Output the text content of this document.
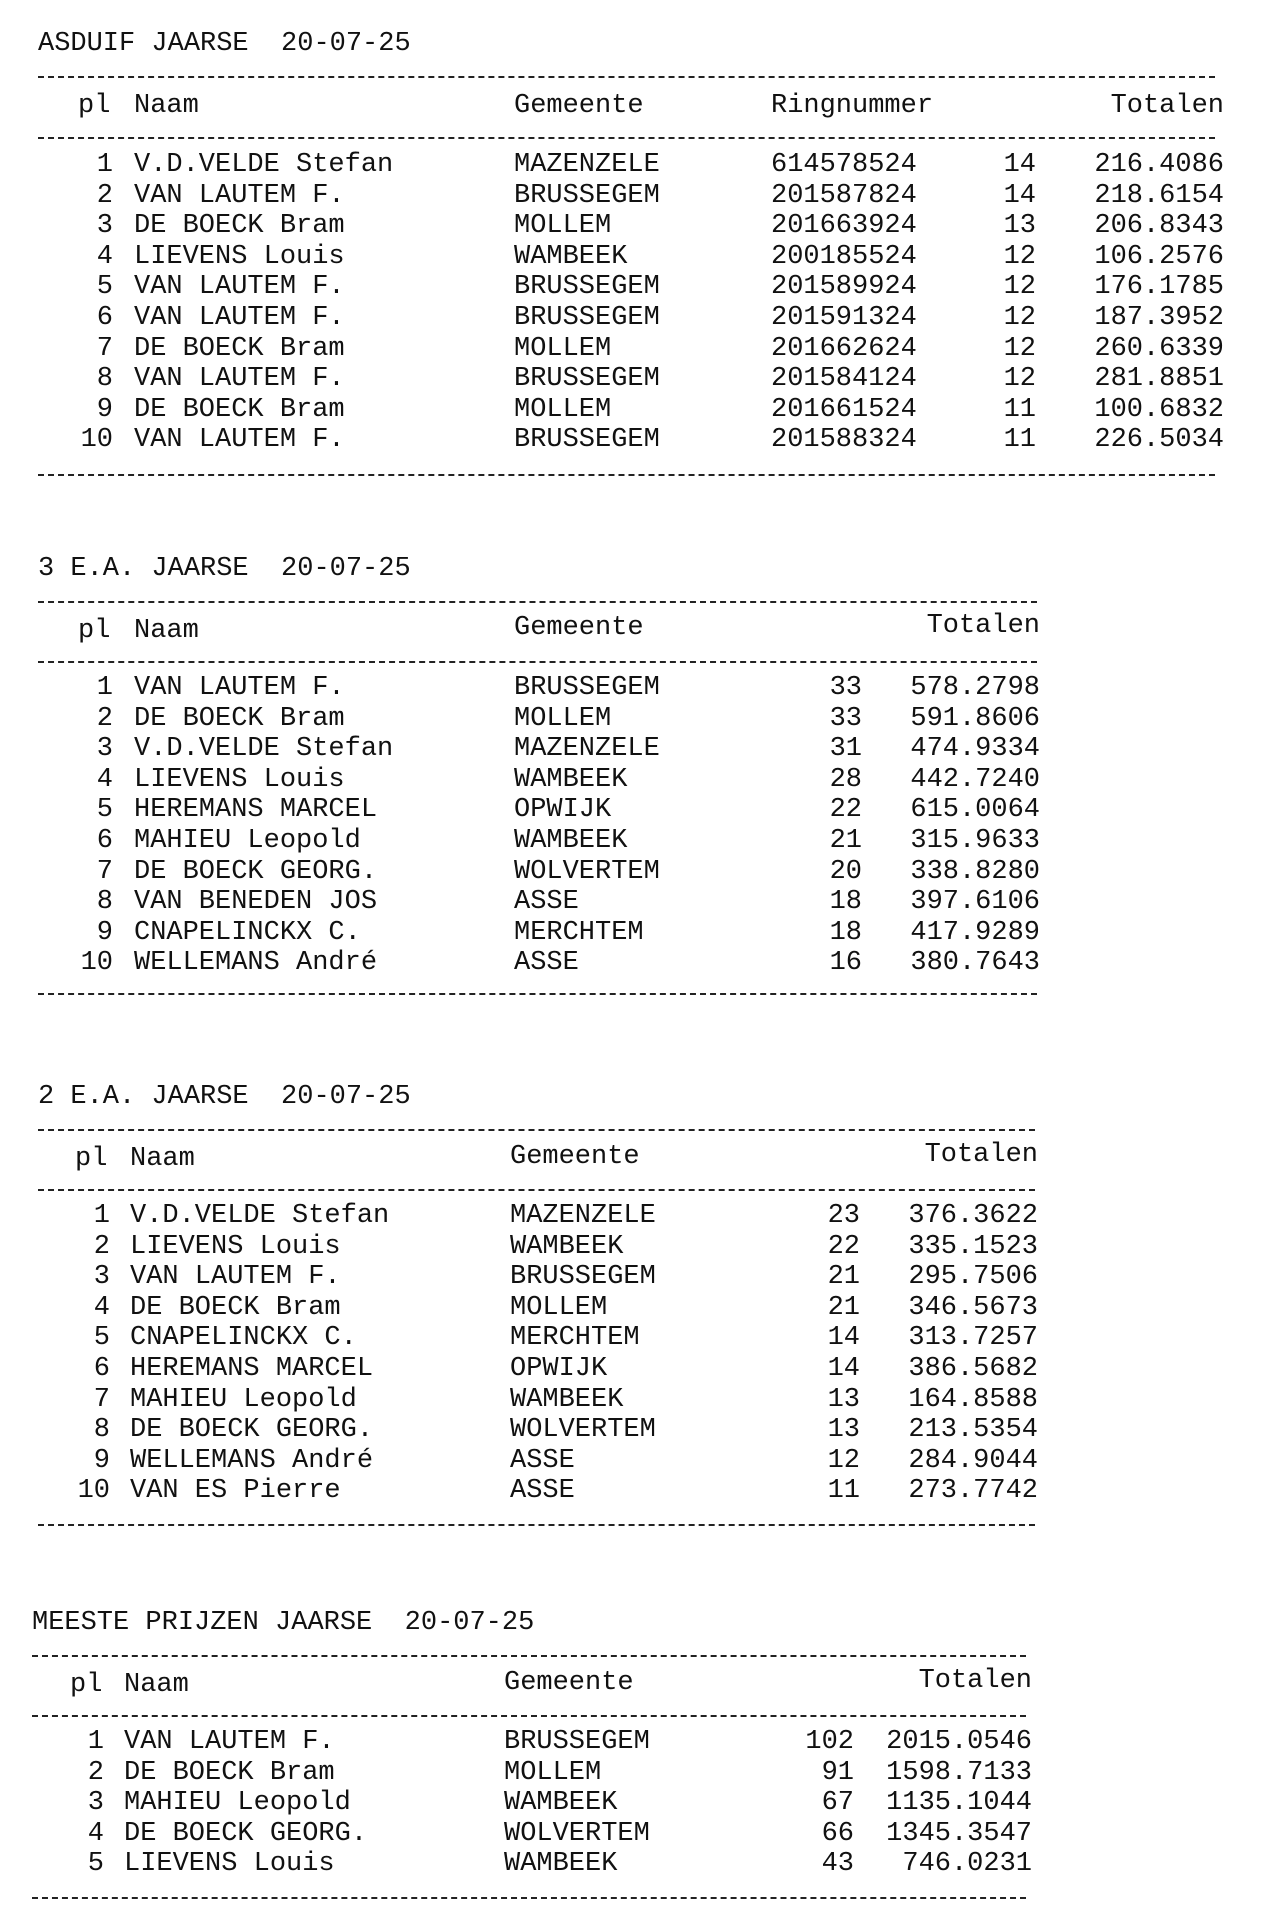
ASDUIF JAARSE  20-07-25
pl Naam	Gemeente	Ringnummer	Totalen
1 V.D.VELDE Stefan	MAZENZELE	614578524	14	216.4086
2 VAN LAUTEM F.	BRUSSEGEM	201587824	14	218.6154
3 DE BOECK Bram	MOLLEM	201663924	13	206.8343
4 LIEVENS Louis	WAMBEEK	200185524	12	106.2576
5 VAN LAUTEM F.	BRUSSEGEM	201589924	12	176.1785
6 VAN LAUTEM F.	BRUSSEGEM	201591324	12	187.3952
7 DE BOECK Bram	MOLLEM	201662624	12	260.6339
8 VAN LAUTEM F.	BRUSSEGEM	201584124	12	281.8851
9 DE BOECK Bram	MOLLEM	201661524	11	100.6832
10 VAN LAUTEM F.	BRUSSEGEM	201588324	11	226.5034
3 E.A. JAARSE  20-07-25
pl Naam	Gemeente	Totalen
1 VAN LAUTEM F.	BRUSSEGEM	33	578.2798
2 DE BOECK Bram	MOLLEM	33	591.8606
3 V.D.VELDE Stefan	MAZENZELE	31	474.9334
4 LIEVENS Louis	WAMBEEK	28	442.7240
5 HEREMANS MARCEL	OPWIJK	22	615.0064
6 MAHIEU Leopold	WAMBEEK	21	315.9633
7 DE BOECK GEORG.	WOLVERTEM	20	338.8280
8 VAN BENEDEN JOS	ASSE	18	397.6106
9 CNAPELINCKX C.	MERCHTEM	18	417.9289
10 WELLEMANS André	ASSE	16	380.7643
2 E.A. JAARSE  20-07-25
pl Naam	Gemeente	Totalen
1 V.D.VELDE Stefan	MAZENZELE	23	376.3622
2 LIEVENS Louis	WAMBEEK	22	335.1523
3 VAN LAUTEM F.	BRUSSEGEM	21	295.7506
4 DE BOECK Bram	MOLLEM	21	346.5673
5 CNAPELINCKX C.	MERCHTEM	14	313.7257
6 HEREMANS MARCEL	OPWIJK	14	386.5682
7 MAHIEU Leopold	WAMBEEK	13	164.8588
8 DE BOECK GEORG.	WOLVERTEM	13	213.5354
9 WELLEMANS André	ASSE	12	284.9044
10 VAN ES Pierre	ASSE	11	273.7742
MEESTE PRIJZEN JAARSE  20-07-25
pl Naam	Gemeente	Totalen
1 VAN LAUTEM F.	BRUSSEGEM	102	2015.0546
2 DE BOECK Bram	MOLLEM	91	1598.7133
3 MAHIEU Leopold	WAMBEEK	67	1135.1044
4 DE BOECK GEORG.	WOLVERTEM	66	1345.3547
5 LIEVENS Louis	WAMBEEK	43	746.0231
